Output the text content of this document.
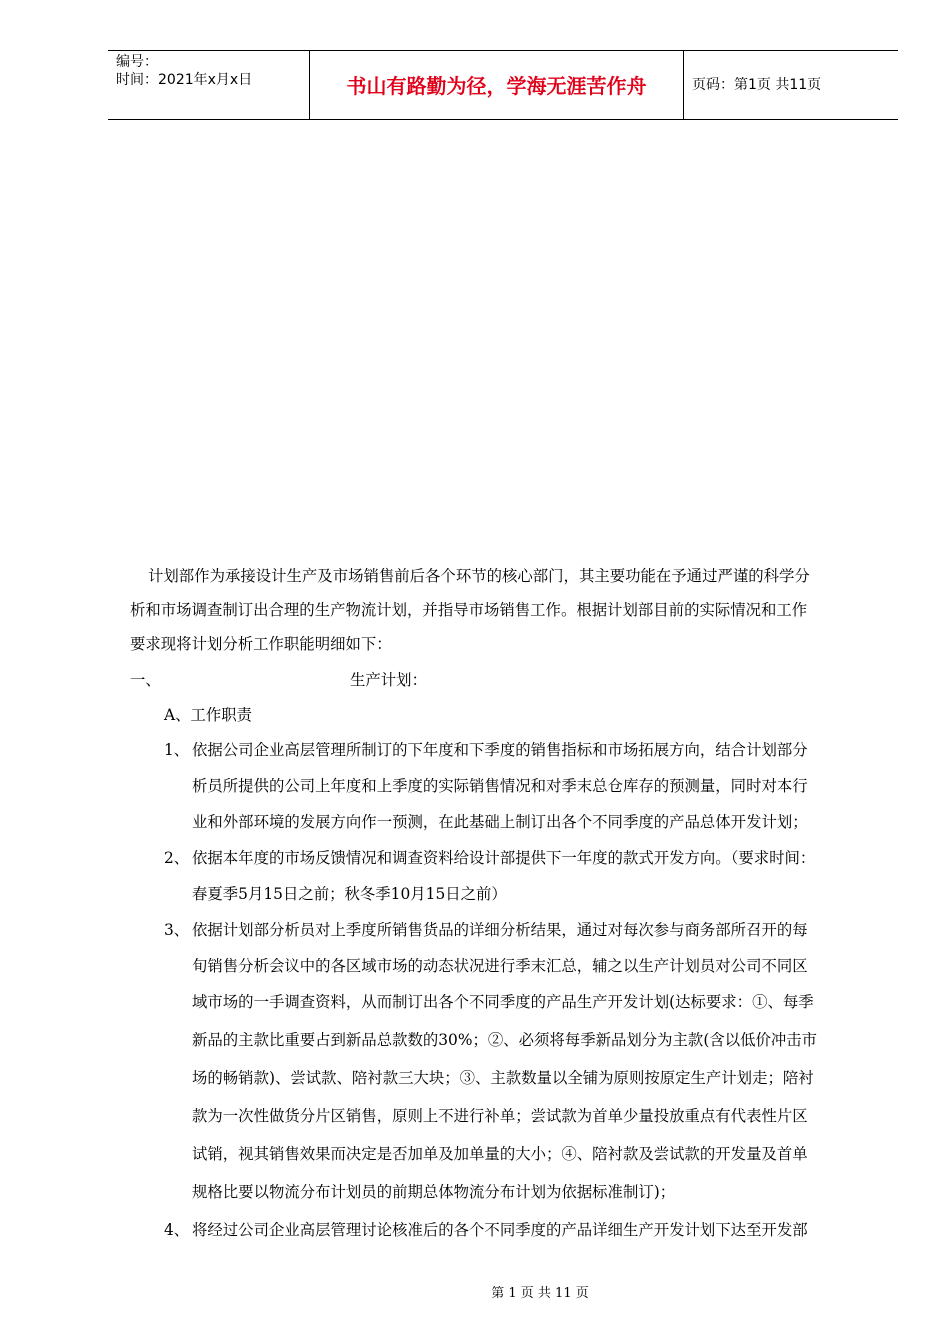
编号：
时间：2021年x月x日	书山有路勤为径，学海无涯苦作舟	页码：第1页 共11页
计划部作为承接设计生产及市场销售前后各个环节的核心部门，其主要功能在予通过严谨的科学分
析和市场调查制订出合理的生产物流计划，并指导市场销售工作。根据计划部目前的实际情况和工作
要求现将计划分析工作职能明细如下：
一、	生产计划：
A、工作职责
1、 依据公司企业高层管理所制订的下年度和下季度的销售指标和市场拓展方向，结合计划部分
析员所提供的公司上年度和上季度的实际销售情况和对季末总仓库存的预测量，同时对本行
业和外部环境的发展方向作一预测，在此基础上制订出各个不同季度的产品总体开发计划；
2、 依据本年度的市场反馈情况和调查资料给设计部提供下一年度的款式开发方向。（要求时间：
春夏季5月15日之前；秋冬季10月15日之前）
3、 依据计划部分析员对上季度所销售货品的详细分析结果，通过对每次参与商务部所召开的每
旬销售分析会议中的各区域市场的动态状况进行季末汇总，辅之以生产计划员对公司不同区
域市场的一手调查资料，从而制订出各个不同季度的产品生产开发计划(达标要求：①、每季
新品的主款比重要占到新品总款数的30%；②、必须将每季新品划分为主款(含以低价冲击市
场的畅销款)、尝试款、陪衬款三大块；③、主款数量以全铺为原则按原定生产计划走；陪衬
款为一次性做货分片区销售，原则上不进行补单；尝试款为首单少量投放重点有代表性片区
试销，视其销售效果而决定是否加单及加单量的大小；④、陪衬款及尝试款的开发量及首单
规格比要以物流分布计划员的前期总体物流分布计划为依据标准制订)；
4、 将经过公司企业高层管理讨论核准后的各个不同季度的产品详细生产开发计划下达至开发部
第 1 页 共 11 页
